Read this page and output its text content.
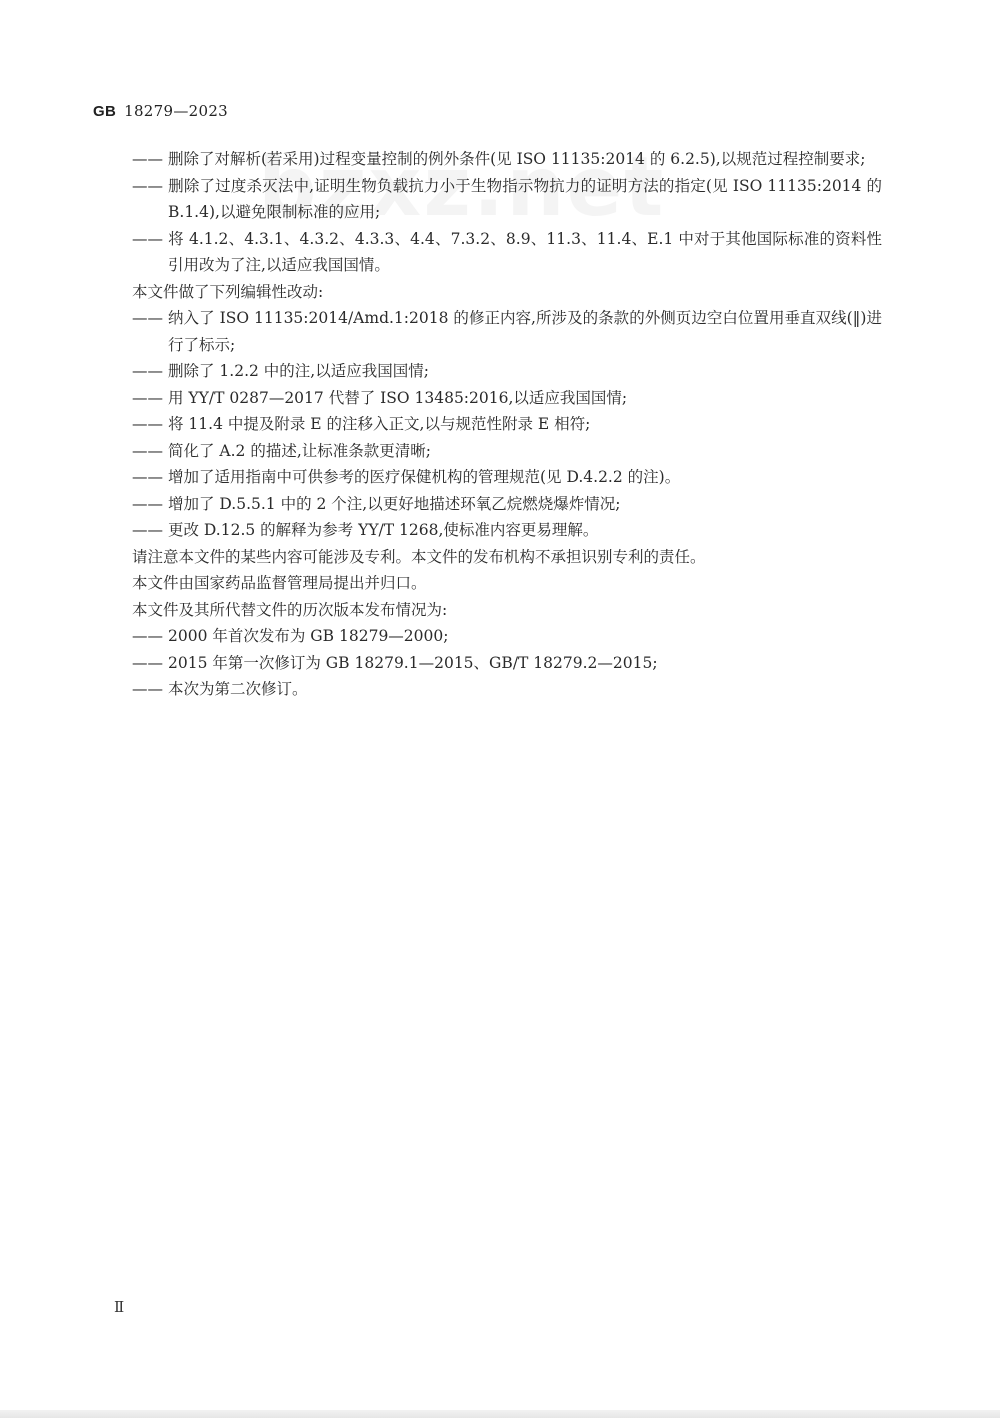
GB 18279—2023
—— 删除了对解析(若采用)过程变量控制的例外条件(见 ISO 11135:2014 的 6.2.5),以规范过程控制要求;
—— 删除了过度杀灭法中,证明生物负载抗力小于生物指示物抗力的证明方法的指定(见 ISO 11135:2014 的 B.1.4),以避免限制标准的应用;
—— 将 4.1.2、4.3.1、4.3.2、4.3.3、4.4、7.3.2、8.9、11.3、11.4、E.1 中对于其他国际标准的资料性引用改为了注,以适应我国国情。
本文件做了下列编辑性改动:
—— 纳入了 ISO 11135:2014/Amd.1:2018 的修正内容,所涉及的条款的外侧页边空白位置用垂直双线(‖)进行了标示;
—— 删除了 1.2.2 中的注,以适应我国国情;
—— 用 YY/T 0287—2017 代替了 ISO 13485:2016,以适应我国国情;
—— 将 11.4 中提及附录 E 的注移入正文,以与规范性附录 E 相符;
—— 简化了 A.2 的描述,让标准条款更清晰;
—— 增加了适用指南中可供参考的医疗保健机构的管理规范(见 D.4.2.2 的注)。
—— 增加了 D.5.5.1 中的 2 个注,以更好地描述环氧乙烷燃烧爆炸情况;
—— 更改 D.12.5 的解释为参考 YY/T 1268,使标准内容更易理解。
请注意本文件的某些内容可能涉及专利。本文件的发布机构不承担识别专利的责任。
本文件由国家药品监督管理局提出并归口。
本文件及其所代替文件的历次版本发布情况为:
—— 2000 年首次发布为 GB 18279—2000;
—— 2015 年第一次修订为 GB 18279.1—2015、GB/T 18279.2—2015;
—— 本次为第二次修订。
Ⅱ
